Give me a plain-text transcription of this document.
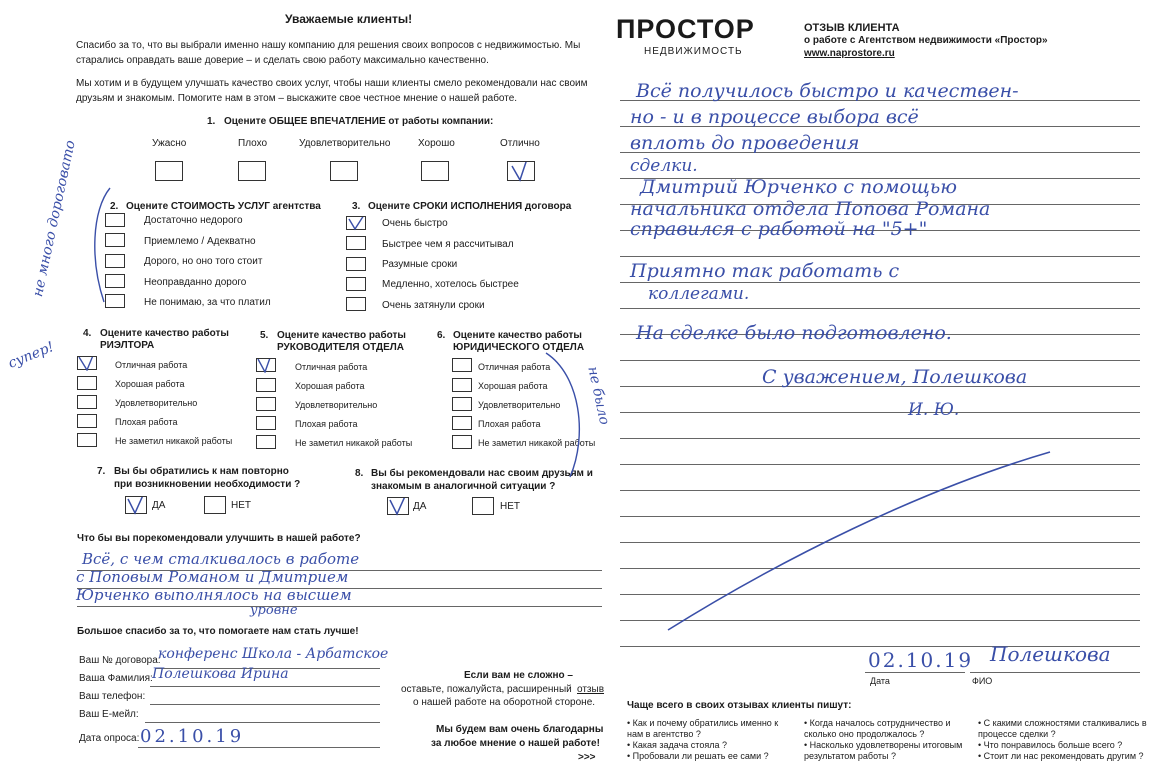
Уважаемые клиенты!
Спасибо за то, что вы выбрали именно нашу компанию для решения своих вопросов с недвижимостью. Мы старались оправдать ваше доверие – и сделать свою работу максимально качественно.
Мы хотим и в будущем улучшать качество своих услуг, чтобы наши клиенты смело рекомендовали нас своим друзьям и знакомым. Помогите нам в этом – выскажите свое честное мнение о нашей работе.
1. Оцените ОБЩЕЕ ВПЕЧАТЛЕНИЕ от работы компании:
Ужасно	Плохо	Удовлетворительно	Хорошо	Отлично
2. Оцените СТОИМОСТЬ УСЛУГ агентства
Достаточно недорого
Приемлемо / Адекватно
Дорого, но оно того стоит
Неоправданно дорого
Не понимаю, за что платил
3. Оцените СРОКИ ИСПОЛНЕНИЯ договора
Очень быстро
Быстрее чем я рассчитывал
Разумные сроки
Медленно, хотелось быстрее
Очень затянули сроки
4. Оцените качество работы
РИЭЛТОРА
Отличная работа
Хорошая работа
Удовлетворительно
Плохая работа
Не заметил никакой работы
5. Оцените качество работы
РУКОВОДИТЕЛЯ ОТДЕЛА
Отличная работа
Хорошая работа
Удовлетворительно
Плохая работа
Не заметил никакой работы
6. Оцените качество работы
ЮРИДИЧЕСКОГО ОТДЕЛА
Отличная работа
Хорошая работа
Удовлетворительно
Плохая работа
Не заметил никакой работы
7. Вы бы обратились к нам повторно
при возникновении необходимости ?
ДА	НЕТ
8. Вы бы рекомендовали нас своим друзьям и
знакомым в аналогичной ситуации ?
ДА	НЕТ
Что бы вы порекомендовали улучшить в нашей работе?
Всё, с чем сталкивалось в работе
с Поповым Романом и Дмитрием
Юрченко выполнялось на высшем
уровне
Большое спасибо за то, что помогаете нам стать лучше!
Ваш № договора:
конференс Школа - Арбатское
Ваша Фамилия: Полешкова Ирина
Ваш телефон:
Ваш Е-мейл:
Дата опроса: 02.10.19
Если вам не сложно –
оставьте, пожалуйста, расширенный отзыв
о нашей работе на оборотной стороне.
Мы будем вам очень благодарны
за любое мнение о нашей работе!
>>>
не много дороговато
супер!
не было
ПРОСТОР
НЕДВИЖИМОСТЬ
ОТЗЫВ КЛИЕНТА
о работе с Агентством недвижимости «Простор»
www.naprostore.ru
Всё получилось быстро и качествен-
но - и в процессе выбора всё
вплоть до проведения
сделки.
Дмитрий Юрченко с помощью
начальника отдела Попова Романа
справился с работой на "5+"
Приятно так работать с
коллегами.
На сделке было подготовлено.
С уважением, Полешкова
И. Ю.
02.10.19 Полешкова
Дата	ФИО
Чаще всего в своих отзывах клиенты пишут:
• Как и почему обратились именно к нам в агентство ?
• Какая задача стояла ?
• Пробовали ли решать ее сами ?
• Когда началось сотрудничество и сколько оно продолжалось ?
• Насколько удовлетворены итоговым результатом работы ?
• С какими сложностями сталкивались в процессе сделки ?
• Что понравилось больше всего ?
• Стоит ли нас рекомендовать другим ?
